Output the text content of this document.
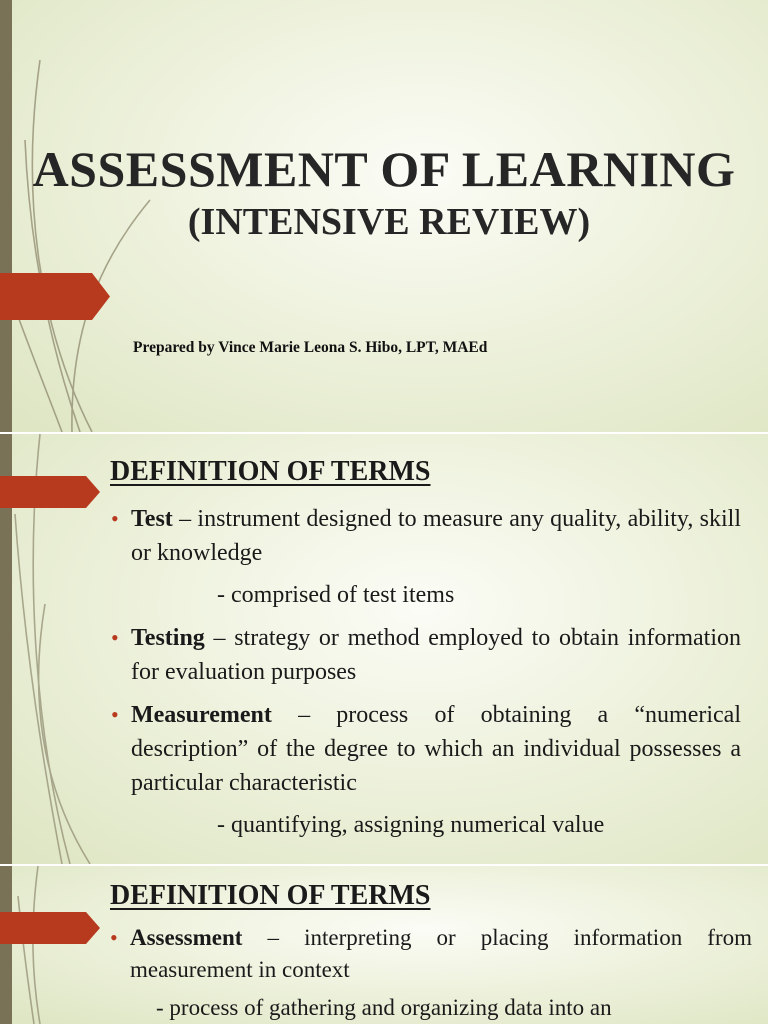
ASSESSMENT OF LEARNING
(INTENSIVE REVIEW)

Prepared by Vince Marie Leona S. Hibo, LPT, MAEd

DEFINITION OF TERMS
• Test – instrument designed to measure any quality, ability, skill or knowledge
- comprised of test items
• Testing – strategy or method employed to obtain information for evaluation purposes
• Measurement – process of obtaining a “numerical description” of the degree to which an individual possesses a particular characteristic
- quantifying, assigning numerical value
DEFINITION OF TERMS
• Assessment – interpreting or placing information from measurement in context
- process of gathering and organizing data into an
